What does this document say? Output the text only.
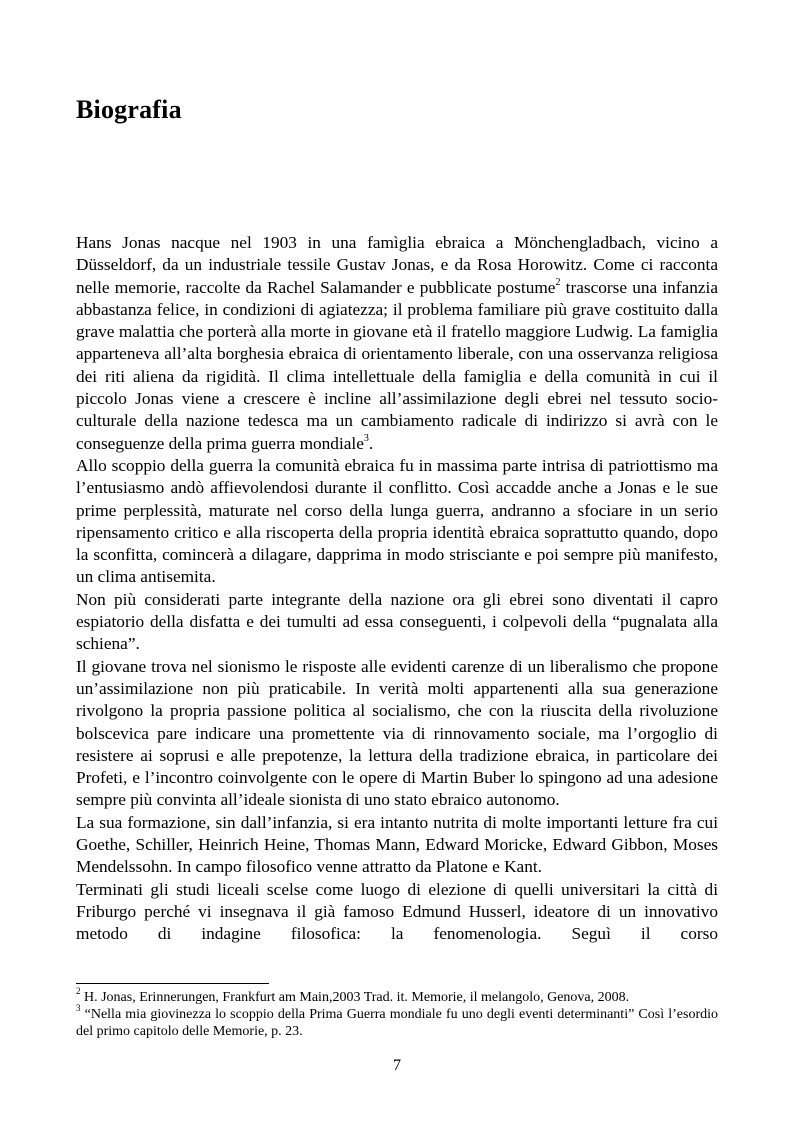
Biografia

Hans Jonas nacque nel 1903 in una famìglia ebraica a Mönchengladbach, vicino a Düsseldorf, da un industriale tessile Gustav Jonas, e da Rosa Horowitz. Come ci racconta nelle memorie, raccolte da Rachel Salamander e pubblicate postume$^2$ trascorse una infanzia abbastanza felice, in condizioni di agiatezza; il problema familiare più grave costituito dalla grave malattia che porterà alla morte in giovane età il fratello maggiore Ludwig. La famiglia apparteneva all’alta borghesia ebraica di orientamento liberale, con una osservanza religiosa dei riti aliena da rigidità. Il clima intellettuale della famiglia e della comunità in cui il piccolo Jonas viene a crescere è incline all’assimilazione degli ebrei nel tessuto socio-culturale della nazione tedesca ma un cambiamento radicale di indirizzo si avrà con le conseguenze della prima guerra mondiale$^3$.

Allo scoppio della guerra la comunità ebraica fu in massima parte intrisa di patriottismo ma l’entusiasmo andò affievolendosi durante il conflitto. Così accadde anche a Jonas e le sue prime perplessità, maturate nel corso della lunga guerra, andranno a sfociare in un serio ripensamento critico e alla riscoperta della propria identità ebraica soprattutto quando, dopo la sconfitta, comincerà a dilagare, dapprima in modo strisciante e poi sempre più manifesto, un clima antisemita.

Non più considerati parte integrante della nazione ora gli ebrei sono diventati il capro espiatorio della disfatta e dei tumulti ad essa conseguenti, i colpevoli della “pugnalata alla schiena”.

Il giovane trova nel sionismo le risposte alle evidenti carenze di un liberalismo che propone un’assimilazione non più praticabile. In verità molti appartenenti alla sua generazione rivolgono la propria passione politica al socialismo, che con la riuscita della rivoluzione bolscevica pare indicare una promettente via di rinnovamento sociale, ma l’orgoglio di resistere ai soprusi e alle prepotenze, la lettura della tradizione ebraica, in particolare dei Profeti, e l’incontro coinvolgente con le opere di Martin Buber lo spingono ad una adesione sempre più convinta all’ideale sionista di uno stato ebraico autonomo.

La sua formazione, sin dall’infanzia, si era intanto nutrita di molte importanti letture fra cui Goethe, Schiller, Heinrich Heine, Thomas Mann, Edward Moricke, Edward Gibbon, Moses Mendelssohn. In campo filosofico venne attratto da Platone e Kant.

Terminati gli studi liceali scelse come luogo di elezione di quelli universitari la città di Friburgo perché vi insegnava il già famoso Edmund Husserl, ideatore di un innovativo metodo di indagine filosofica: la fenomenologia. Seguì il corso

$^2$ H. Jonas, Erinnerungen, Frankfurt am Main,2003 Trad. it. Memorie, il melangolo, Genova, 2008.

$^3$ “Nella mia giovinezza lo scoppio della Prima Guerra mondiale fu uno degli eventi determinanti” Così l’esordio del primo capitolo delle Memorie, p. 23.

7
